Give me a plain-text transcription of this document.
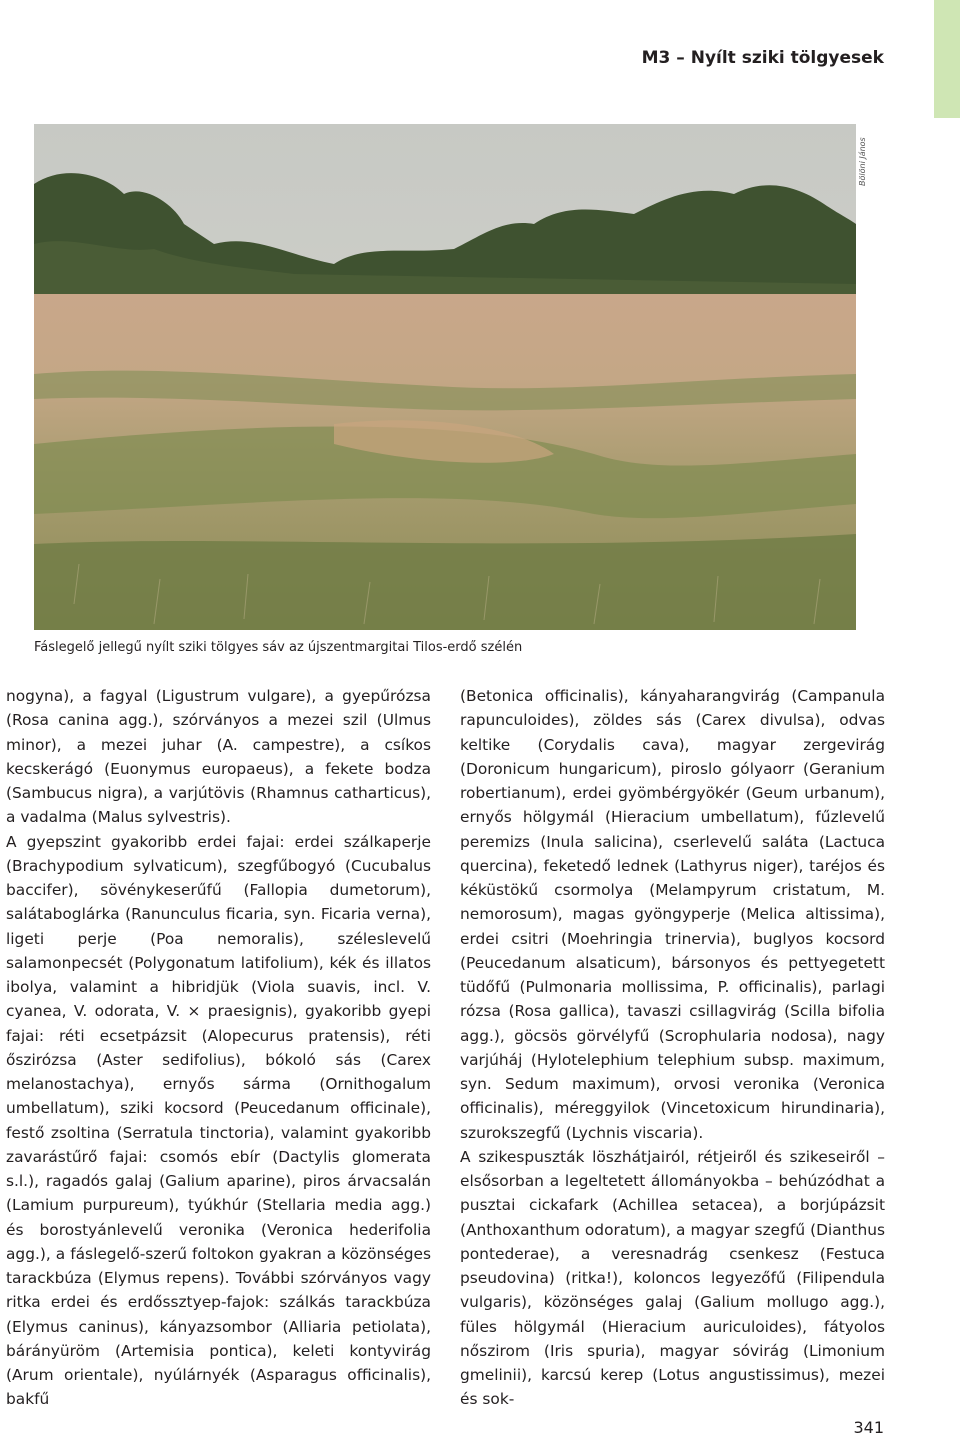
M3 – Nyílt sziki tölgyesek
Bölöni János
Fáslegelő jellegű nyílt sziki tölgyes sáv az újszentmargitai Tilos-erdő szélén

nogyna), a fagyal (Ligustrum vulgare), a gyepűrózsa (Rosa canina agg.), szórványos a mezei szil (Ulmus minor), a mezei juhar (A. campestre), a csíkos kecskerágó (Euonymus europaeus), a fekete bodza (Sambucus nigra), a varjútövis (Rhamnus catharticus), a vadalma (Malus sylvestris).

A gyepszint gyakoribb erdei fajai: erdei szálkaperje (Brachypodium sylvaticum), szegfűbogyó (Cucubalus baccifer), sövénykeserűfű (Fallopia dumetorum), salátaboglárka (Ranunculus ficaria, syn. Ficaria verna), ligeti perje (Poa nemoralis), széleslevelű salamonpecsét (Polygonatum latifolium), kék és illatos ibolya, valamint a hibridjük (Viola suavis, incl. V. cyanea, V. odorata, V. × praesignis), gyakoribb gyepi fajai: réti ecsetpázsit (Alopecurus pratensis), réti őszirózsa (Aster sedifolius), bókoló sás (Carex melanostachya), ernyős sárma (Ornithogalum umbellatum), sziki kocsord (Peucedanum officinale), festő zsoltina (Serratula tinctoria), valamint gyakoribb zavarástűrő fajai: csomós ebír (Dactylis glomerata s.l.), ragadós galaj (Galium aparine), piros árvacsalán (Lamium purpureum), tyúkhúr (Stellaria media agg.) és borostyánlevelű veronika (Veronica hederifolia agg.), a fáslegelő-szerű foltokon gyakran a közönséges tarackbúza (Elymus repens). További szórványos vagy ritka erdei és erdőssztyep-fajok: szálkás tarackbúza (Elymus caninus), kányazsombor (Alliaria petiolata), bárányüröm (Artemisia pontica), keleti kontyvirág (Arum orientale), nyúlárnyék (Asparagus officinalis), bakfű

(Betonica officinalis), kányaharangvirág (Campanula rapunculoides), zöldes sás (Carex divulsa), odvas keltike (Corydalis cava), magyar zergevirág (Doronicum hungaricum), piroslo gólyaorr (Geranium robertianum), erdei gyömbérgyökér (Geum urbanum), ernyős hölgymál (Hieracium umbellatum), fűzlevelű peremizs (Inula salicina), cserlevelű saláta (Lactuca quercina), feketedő lednek (Lathyrus niger), taréjos és kéküstökű csormolya (Melampyrum cristatum, M. nemorosum), magas gyöngyperje (Melica altissima), erdei csitri (Moehringia trinervia), buglyos kocsord (Peucedanum alsaticum), bársonyos és pettyegetett tüdőfű (Pulmonaria mollissima, P. officinalis), parlagi rózsa (Rosa gallica), tavaszi csillagvirág (Scilla bifolia agg.), göcsös görvélyfű (Scrophularia nodosa), nagy varjúháj (Hylotelephium telephium subsp. maximum, syn. Sedum maximum), orvosi veronika (Veronica officinalis), méreggyilok (Vincetoxicum hirundinaria), szurokszegfű (Lychnis viscaria).

A szikespuszták löszhátjairól, rétjeiről és szikeseiről – elsősorban a legeltetett állományokba – behúzódhat a pusztai cickafark (Achillea setacea), a borjúpázsit (Anthoxanthum odoratum), a magyar szegfű (Dianthus pontederae), a veresnadrág csenkesz (Festuca pseudovina) (ritka!), koloncos legyezőfű (Filipendula vulgaris), közönséges galaj (Galium mollugo agg.), füles hölgymál (Hieracium auriculoides), fátyolos nőszirom (Iris spuria), magyar sóvirág (Limonium gmelinii), karcsú kerep (Lotus angustissimus), mezei és sok-

341
